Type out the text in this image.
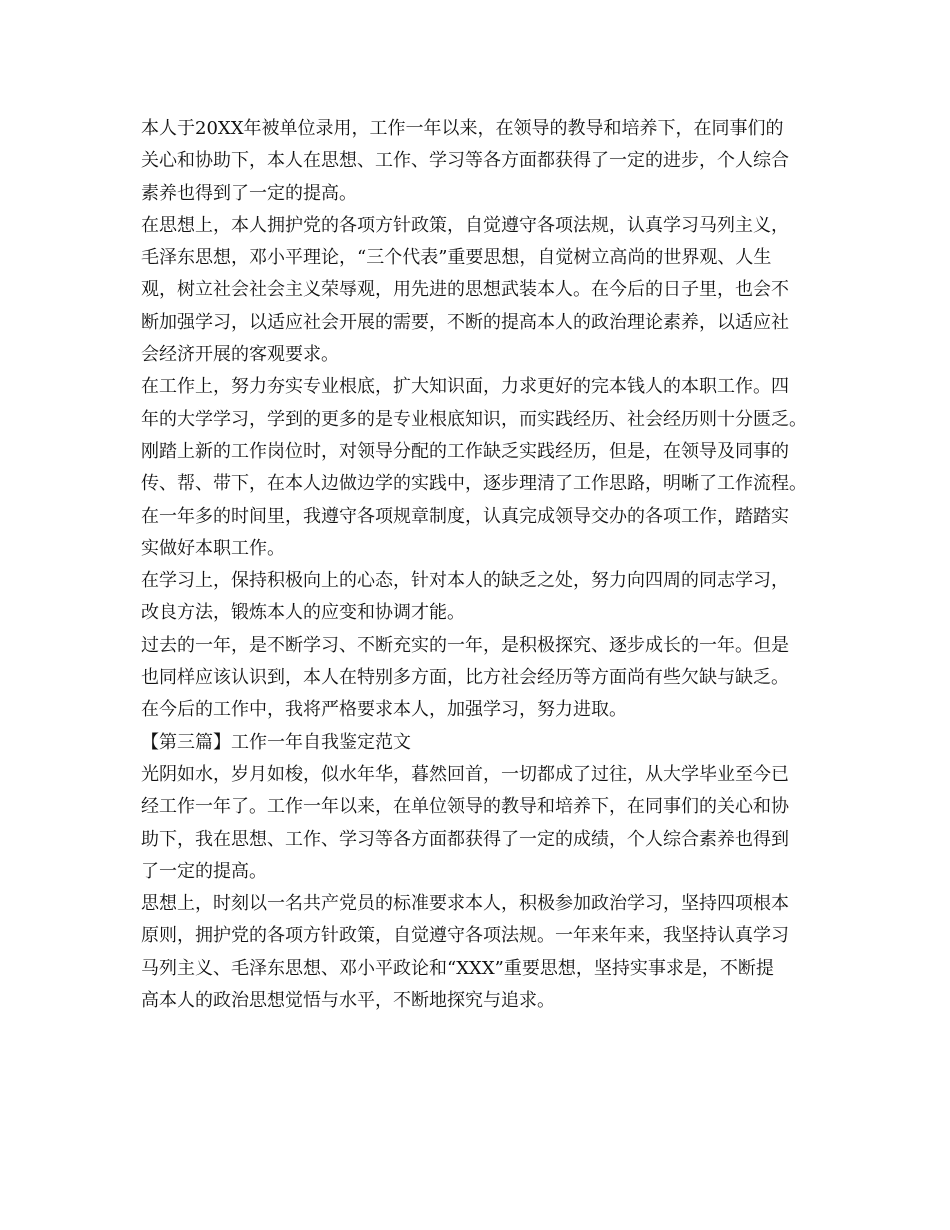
本人于20XX年被单位录用，工作一年以来，在领导的教导和培养下，在同事们的
关心和协助下，本人在思想、工作、学习等各方面都获得了一定的进步，个人综合
素养也得到了一定的提高。
在思想上，本人拥护党的各项方针政策，自觉遵守各项法规，认真学习马列主义，
毛泽东思想，邓小平理论，“三个代表”重要思想，自觉树立高尚的世界观、人生
观，树立社会社会主义荣辱观，用先进的思想武装本人。在今后的日子里，也会不
断加强学习，以适应社会开展的需要，不断的提高本人的政治理论素养，以适应社
会经济开展的客观要求。
在工作上，努力夯实专业根底，扩大知识面，力求更好的完本钱人的本职工作。四
年的大学学习，学到的更多的是专业根底知识，而实践经历、社会经历则十分匮乏。
刚踏上新的工作岗位时，对领导分配的工作缺乏实践经历，但是，在领导及同事的
传、帮、带下，在本人边做边学的实践中，逐步理清了工作思路，明晰了工作流程。
在一年多的时间里，我遵守各项规章制度，认真完成领导交办的各项工作，踏踏实
实做好本职工作。
在学习上，保持积极向上的心态，针对本人的缺乏之处，努力向四周的同志学习，
改良方法，锻炼本人的应变和协调才能。
过去的一年，是不断学习、不断充实的一年，是积极探究、逐步成长的一年。但是
也同样应该认识到，本人在特别多方面，比方社会经历等方面尚有些欠缺与缺乏。
在今后的工作中，我将严格要求本人，加强学习，努力进取。
【第三篇】工作一年自我鉴定范文
光阴如水，岁月如梭，似水年华，暮然回首，一切都成了过往，从大学毕业至今已
经工作一年了。工作一年以来，在单位领导的教导和培养下，在同事们的关心和协
助下，我在思想、工作、学习等各方面都获得了一定的成绩，个人综合素养也得到
了一定的提高。
思想上，时刻以一名共产党员的标准要求本人，积极参加政治学习，坚持四项根本
原则，拥护党的各项方针政策，自觉遵守各项法规。一年来年来，我坚持认真学习
马列主义、毛泽东思想、邓小平政论和“XXX”重要思想，坚持实事求是，不断提
高本人的政治思想觉悟与水平，不断地探究与追求。
